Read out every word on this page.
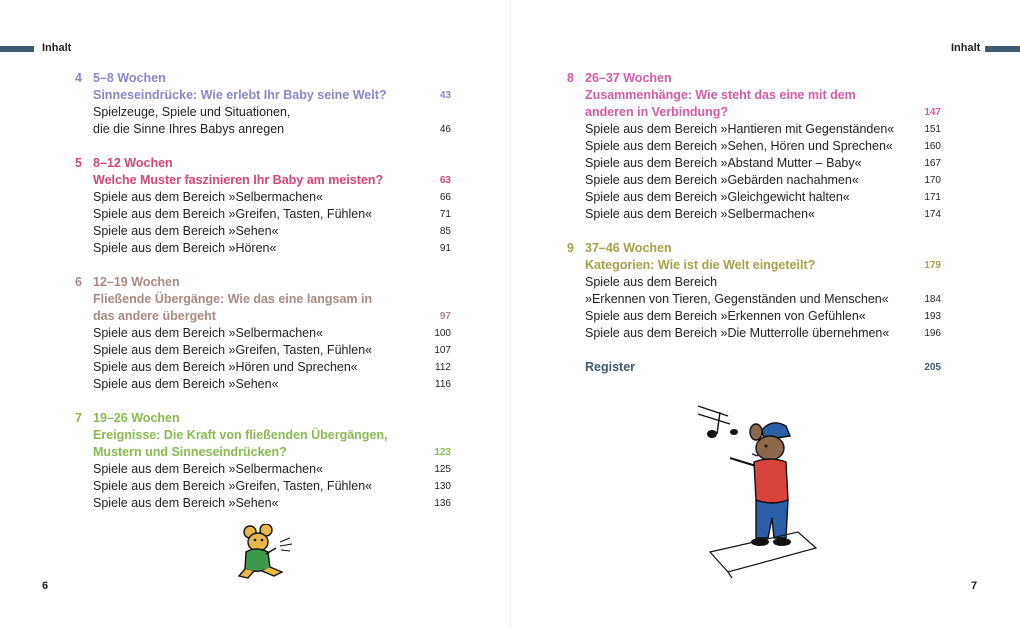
Inhalt	Inhalt
4 5–8 Wochen
Sinneseindrücke: Wie erlebt Ihr Baby seine Welt?	43
Spielzeuge, Spiele und Situationen,
die die Sinne Ihres Babys anregen	46
5 8–12 Wochen
Welche Muster faszinieren Ihr Baby am meisten?	63
Spiele aus dem Bereich »Selbermachen«	66
Spiele aus dem Bereich »Greifen, Tasten, Fühlen«	71
Spiele aus dem Bereich »Sehen«	85
Spiele aus dem Bereich »Hören«	91
6 12–19 Wochen
Fließende Übergänge: Wie das eine langsam in
das andere übergeht	97
Spiele aus dem Bereich »Selbermachen«	100
Spiele aus dem Bereich »Greifen, Tasten, Fühlen«	107
Spiele aus dem Bereich »Hören und Sprechen«	112
Spiele aus dem Bereich »Sehen«	116
7 19–26 Wochen
Ereignisse: Die Kraft von fließenden Übergängen,
Mustern und Sinneseindrücken?	123
Spiele aus dem Bereich »Selbermachen«	125
Spiele aus dem Bereich »Greifen, Tasten, Fühlen«	130
Spiele aus dem Bereich »Sehen«	136
8 26–37 Wochen
Zusammenhänge: Wie steht das eine mit dem
anderen in Verbindung?	147
Spiele aus dem Bereich »Hantieren mit Gegenständen«	151
Spiele aus dem Bereich »Sehen, Hören und Sprechen«	160
Spiele aus dem Bereich »Abstand Mutter – Baby«	167
Spiele aus dem Bereich »Gebärden nachahmen«	170
Spiele aus dem Bereich »Gleichgewicht halten«	171
Spiele aus dem Bereich »Selbermachen«	174
9 37–46 Wochen
Kategorien: Wie ist die Welt eingeteilt?	179
Spiele aus dem Bereich
»Erkennen von Tieren, Gegenständen und Menschen«	184
Spiele aus dem Bereich »Erkennen von Gefühlen«	193
Spiele aus dem Bereich »Die Mutterrolle übernehmen«	196
Register	205
6	7
